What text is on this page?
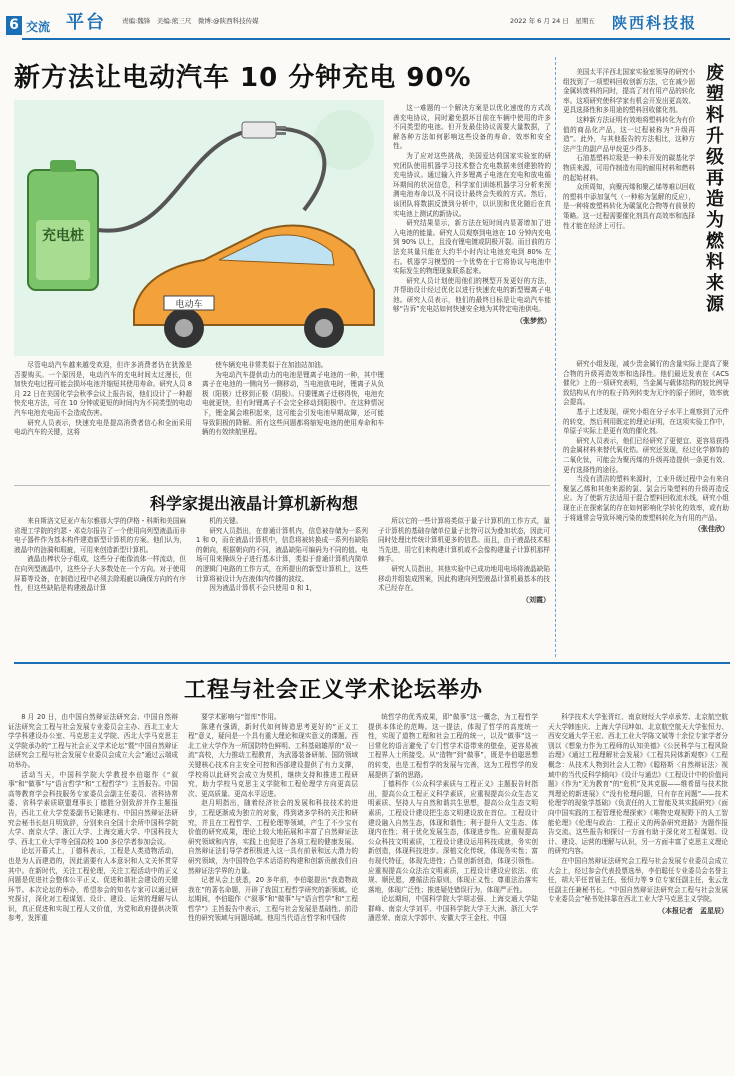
6 交流 平台 责编:魏锋　美编:熊三尺　微博:@陕西科技传媒	2022 年 6 月 24 日　星期五 陕西科技报
新方法让电动汽车 10 分钟充电 90%
充电桩
电动车

这一难题的一个解决方案是以优化速度的方式改善充电协议，同时避免损坏目前在车辆中使用的许多不同类型的电池。但开发最佳协议需要大量数据，了解各种方法如何影响这些设备的寿命、效率和安全性。

为了应对这些挑战，美国爱达荷国家实验室的研究团队使用机器学习技术整合充电数据来创建独特的充电协议。通过输入许多锂离子电池在充电和放电循环期间的状况信息，科学家们训练机器学习分析来预测电池寿命以及不同设计最终会失败的方式。然后，该团队将数据反馈到分析中，以识别和优化随后在真实电池上测试的新协议。

研究结果显示，新方法在短时间内显著增加了进入电池的能量。研究人员观察到电池在 10 分钟内充电到 90% 以上，且没有锂电镀或阴极开裂。而目前的方法充其量只能在大约半小时内让电池充电到 80% 左右。机器学习模型的一个优势在于它将协议与电池中实际发生的物理现象联系起来。

研究人员计划使用他们的模型开发更好的方法，并帮助设计经过优化以进行快速充电的新型锂离子电池。研究人员表示，他们的最终目标是让电动汽车能够“告诉”充电站如何快速安全地为其特定电池供电。

（张梦然）

尽管电动汽车越来越受欢迎，但许多消费者仍在犹豫是否要购买。一个原因是，电动汽车的充电时间太过漫长，但加快充电过程可能会损坏电池并缩短其使用寿命。研究人员 8 月 22 日在美国化学会秋季会议上报告说，他们设计了一种超快充电方法，可在 10 分钟或更短的时间内为不同类型的电动汽车电池充电而不会造成伤害。

研究人员表示，快速充电是提高消费者信心和全面采用电动汽车的关键，这将

使车辆充电非常类似于在加油站加油。

为电动汽车提供动力的电池是锂离子电池的一种，其中锂离子在电池的一侧向另一侧移动，当电池放电时，锂离子从负极（阳极）迁移到正极（阴极）。只要锂离子迁移得快，电池充电就更快，但有时锂离子不会完全移动到阳极中。在这种情况下，锂金属会堆积起来，这可能会引发电池早期故障，还可能导致阴极的降解。所有这些问题都将缩短电池的使用寿命和车辆的有效续航里程。

废塑料升级再造为燃料来源

美国太平洋西北国家实验室领导的研究小组找到了一项塑料回收创新方法，它在减少固金属转废料的同时，提高了对有用产品的转化率。这项研究使科学家有机会开发出更高效、更具选择性和多用途的塑料回收催化剂。

这种新方法证明有效地将塑料转化为有价值的商品化产品，这一过程被称为“升级再造”。此外，与其他报告的方法相比，这种方法产生的副产品甲烷更少得多。

石油基塑料垃圾是一种未开发的碳基化学物质来源，可用作制造有用的耐用材料和燃料的起始材料。

众所周知，向聚丙烯和聚乙烯等难以回收的塑料中添加氢气（一种称为氢解的反应），是一种将废塑料转化为碳氢化合物等有前景的策略。这一过程需要催化剂具有高效率和选择性才能在经济上可行。

研究小组发现，减少贵金属钌的含量实际上提高了聚合物的升级再造效率和选择性。他们最近发表在《ACS 催化》上的一项研究表明，当金属与载体结构的较比例导致结构从有序的粒子阵列转变为无序的原子团时，效率就会提高。

基于上述发现，研究小组在分子水平上观察到了元件的转变，然后利用既定的理论证明，在这项实验工作中，单原子实际上是更有效的催化剂。

研究人员表示，他们已经研究了更便宜、更容易获得的金属材料来替代氧化锆。研究还发现，经过化学修饰的二氧化钛，可能会为聚丙烯的升级再造提供一条更有效、更有选择性的途径。

当没有清洁的塑料来源时，工业升级过程中会有来自聚氯乙烯和其他来源的氯、氯会污染塑料的升级再造反应。为了使新方法适用于混合塑料回收流水线，研究小组现在正在探索氯的存在如何影响化学转化的效率，或有助于将通常会导致环境污染的废塑料转化为有用的产品。

（张佳欣）
科学家提出液晶计算机新构想

来自斯洛文尼亚卢布尔雅那大学的伊格・科斯和美国麻省理工学院的约瑟・邓克尔报告了一个使用向列型液晶而非电子器件作为基本构件建造新型计算机的方案。他们认为，液晶中的涟漪和瑕疵，可用来创造新型计算机。

液晶由棒状分子组成，这些分子能像流体一样流动，但在向列型液晶中，这些分子大多数处在一个方向。对于使用屏幕等设备，在制造过程中必须去除瑕疵以确保方向的有序性，但这些缺陷是构建液晶计算

机的关键。

研究人员指出，在普通计算机内，信息被存储为一系列 1 和 0，而在液晶计算机中，信息将被转换成一系列有缺陷的朝向，根据朝向的不同，液晶缺陷可编码为不同的值。电场可用来操纵分子进行基本计算，类似于普通计算机内简单的逻辑门电路的工作方式，在所提出的新型计算机上，这些计算将被设计为在液体内传播的波纹。

因为液晶计算机不会只使用 0 和 1，

所以它的一些计算将类似于量子计算机的工作方式，量子计算机的基础存储单位量子比特可以为叠加状态，因此可同时处理比传统计算机更多的信息。而且，由于液晶技术相当先进，用它们来构建计算机或不会像构建量子计算机那样棘手。

研究人员指出，其他实验中已成功地用电场将液晶缺陷移动并组装成图案，因此构建向列型液晶计算机最基本的技术已经存在。

（刘霞）
工程与社会正义学术论坛举办

8 月 20 日，由中国自然辩证法研究会、中国自然辩证法研究会工程与社会发展专业委员会主办、西北工业大学学科建设办公室、马克思主义学院、西北大学马克思主义学院承办的“工程与社会正义学术论坛”暨“中国自然辩证法研究会工程与社会发展专业委员会成立大会”通过云端成功举办。

活动当天，中国科学院大学教授李伯聪作《“叙事”和“做事”与“语言哲学”和“工程哲学”》主旨报告。中国高等教育学会科技服务专家委员会副主任委员、省科协常委、省科学素质联盟理事长丁德胜分别致辞并作主题报告，西北工业大学党委副书记陈建有、中国自然辩证法研究会秘书长赵月明致辞，分别来自全国十余所中国科学院大学、南京大学、浙江大学、上海交通大学、中国科技大学、西北工业大学等全国高校 100 多位学者参加会议。

论坛开幕式上，丁德科表示，工程是人类造物活动，也是为人而建造的，因此需要有人本意识和人文关怀贯穿其中。在新时代，关注工程伦理，关注工程活动中的正义问题是促进社会整体公平正义、促进和谐社会建设的关键环节。本次论坛的举办，希望参会的知名专家可以通过研究探讨，深化对工程谋划、设计、建设、运营的理解与认识，真正促进和实现工程人文价值，为党和政府提供决策参考，发挥重

要学术影响与“智库”作用。

陈建有强调，新时代如何铸造思考更好的“正义工程”意义，疑问是一个具有重大理论和现实意义的课题。西北工业大学作为一所国防特色鲜明、工科基础雄厚的“双一流”高校，大力推动工程教育，为武器装备研制、国防领域关键核心技术自主安全可控和西部建设提供了有力支撑，学校将以此研究会成立为契机，继续支持和推进工程研究，助力学校马克思主义学院和工程伦理学方向更高层次、更高质量、更高水平迈进。

赵月明指出，随着经济社会的发展和科技技术的进步，工程逐渐成为独立的对象，得到诸多学科的关注和研究，并且在工程哲学、工程伦理等领域，产生了不少宝有价值的研究成果，理论上较大地拓展和丰富了自然辩证法研究领域和内容，实践上也促进了各项工程的健康发展。自然辩证法们导学者积极进入这一具有前景和远大潜力的研究领域，为中国特色学术话语的构建和创新贡献我们自然辩证法学界的力量。

记者从会上获悉，20 多年前，李伯聪提出“我造物故我在”的著名命题，开辟了我国工程哲学研究的新领域。论坛期间，李伯聪作《“叙事”和“做事”与“语言哲学”和“工程哲学”》主旨报告中表示，工程与社会发展是基础性、前沿性的研究领域与问题场域。他用当代语言哲学和中国传

统哲学的优秀成果，即“做事”这一概念，为工程哲学提供本体论的范畴。这一提法，体现了哲学的高度统一性，实现了道物工程和社会工程的统一，以及“做事”这一日常化的语言避免了专门哲学术语带来的壁垒，更容易被工程界人士所接受。从“造物”到“做事”，既是李伯聪思想的转变，也是工程哲学的发展与完善，这为工程哲学的发展提供了新的思路。

丁德科作《公众科学素质与工程正义》主题报告时指出，提高公众工程正义科学素质，应重视提高公众生态文明素质、坚持人与自然和谐共生思想，提高公众生态文明素质，工程设计建设把生态文明建设放在首位。工程设计建设融入自然生态，体现和谐性；利于提升人文生态、体现内在性；利于优化发展生态，体现进步性。应重视提高公众科技文明素质，工程设计建设运用科技成就，务实创新创造，体现科技进步。深植文化传统，体现务实性；富有现代特征，体现先进性；凸显创新创造，体现引领性。应重视提高公众法治文明素质，工程设计建设应依法、依规、顺民愿，遵循法治原则，体现正义性；尊重法治落实落地，体现广泛性；推进疑处错误行为，体现严正性。

论坛期间，中国科学院大学胡志强、上海交通大学陆群峰、南京大学刘平、中国科学院大学王大洲、浙江大学潘恩荣、南京大学郭中、安徽大学王金柱、中国

科学技术大学张胥红、南京财经大学卓承芳、北京航空航天大学韩连庆、上海大学闫坤如、北京航空航天大学张恒力、西安交通大学王宏、西北工业大学陈文斌等十余位专家学者分别以《想象力作为工程师的认知美德》《公民科学与工程风险治理》《通过工程理解社会发展》《工程共同体新观察》《工程概念：从技术人物到社会人工物》《聪格斯〈自然辩证法〉视域中的当代反科学倾向》《设计与通忠》《工程设计中的价值问题》《作为“无为教育”的“危机”及其克服——维希留与技术批判理论的新进展》《“没有伦理问题，只有存在问题”——技术伦理学的现象学基础》《负责任的人工智能及其实践研究》《面向中国实践的工程管理伦理探索》《唯物史观视野下的人工智能伦理》《伦理与政治：工程正义的两条研究进路》为题作报告交流。这些报告和探讨一方面有助于深化对工程谋划、设计、建设、运营的理解与认识，另一方面丰富了克思主义理论的研究内容。

在中国自然辩证法研究会工程与社会发展专业委员会成立大会上，经过参会代表投票选举，李伯聪任专业委员会名誉主任，胡大平任首届主任，张恒力等 9 位专家任副主任，张云龙任副主任兼秘书长。“中国自然辩证法研究会工程与社会发展专业委员会”秘书处挂靠在西北工业大学马克思主义学院。

（本报记者　孟星辰）
